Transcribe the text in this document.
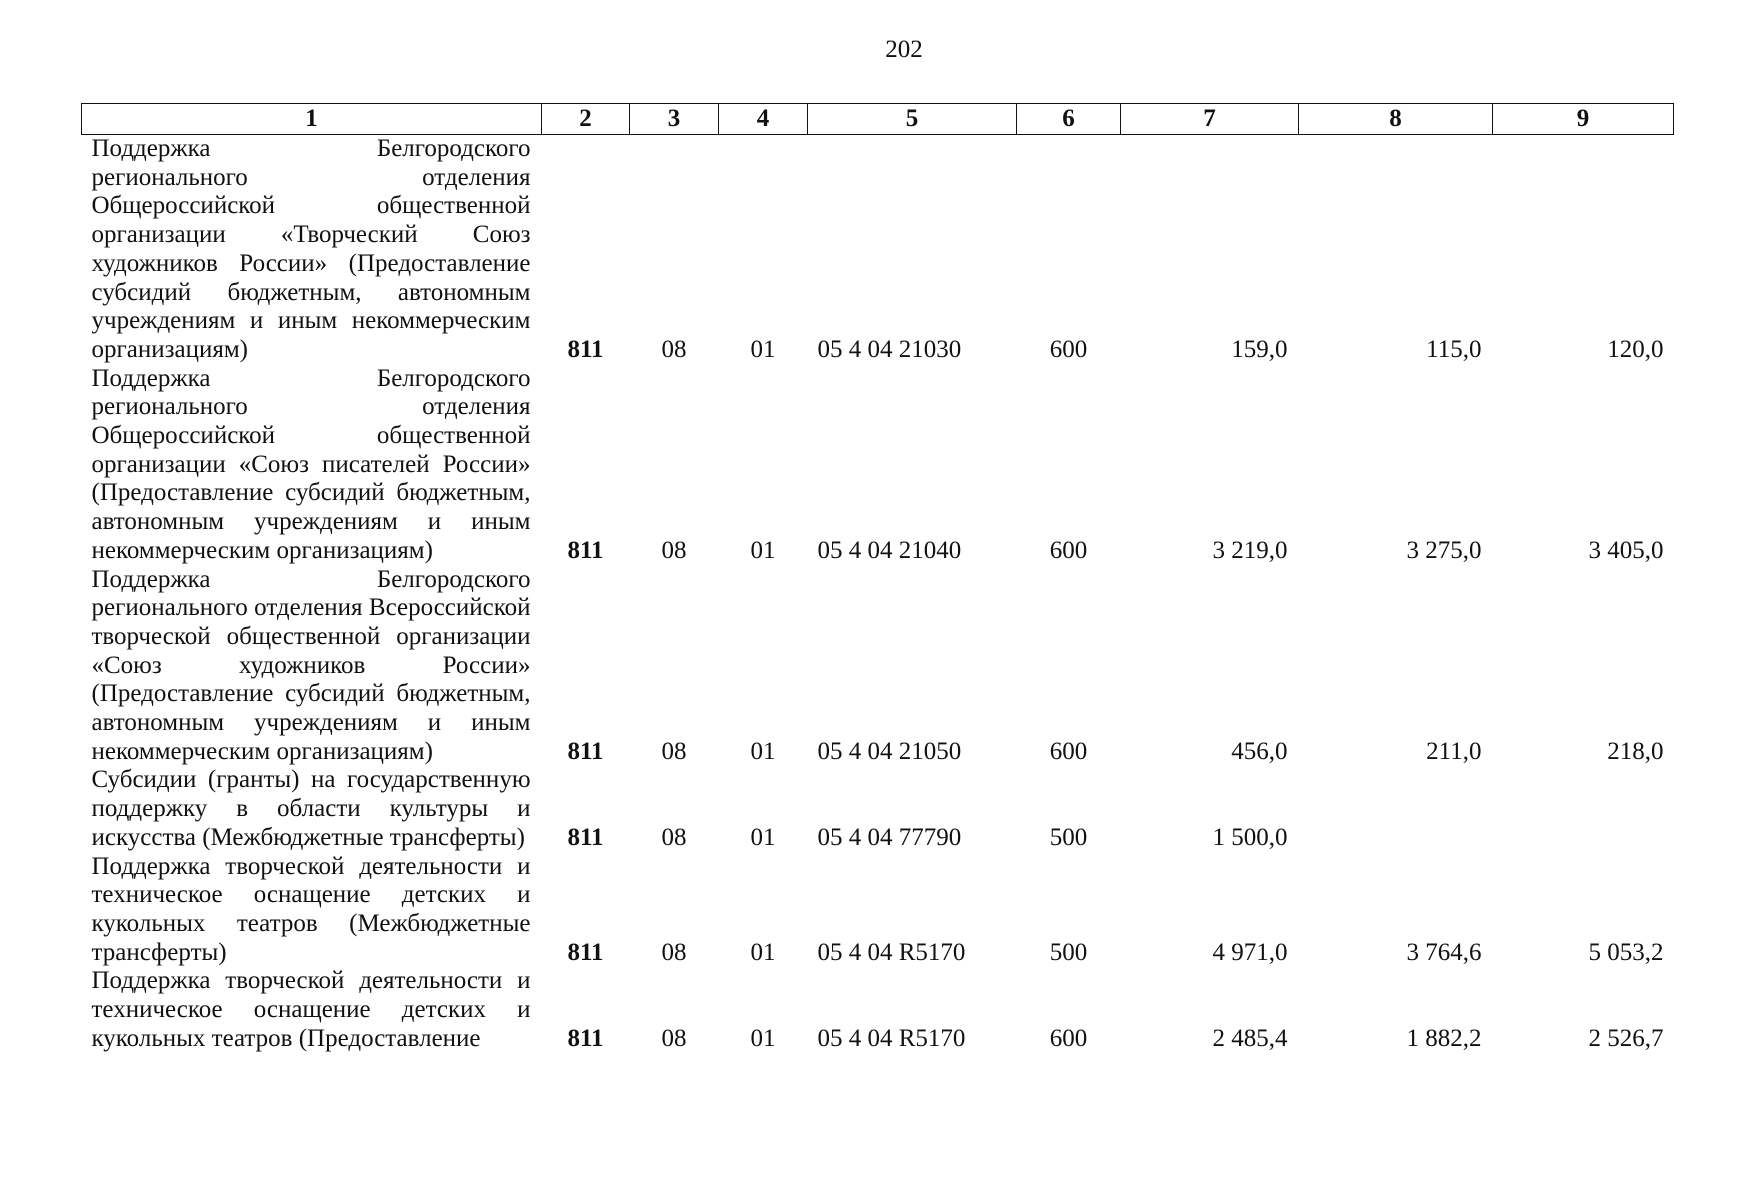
202
1	2	3	4	5	6	7	8	9
Поддержка Белгородского регионального отделения Общероссийской общественной организации «Творческий Союз художников России» (Предоставление субсидий бюджетным, автономным учреждениям и иным некоммерческим организациям)	811	08	01	05 4 04 21030	600	159,0	115,0	120,0
Поддержка Белгородского регионального отделения Общероссийской общественной организации «Союз писателей России» (Предоставление субсидий бюджетным, автономным учреждениям и иным некоммерческим организациям)	811	08	01	05 4 04 21040	600	3 219,0	3 275,0	3 405,0
Поддержка Белгородского регионального отделения Всероссийской творческой общественной организации «Союз художников России» (Предоставление субсидий бюджетным, автономным учреждениям и иным некоммерческим организациям)	811	08	01	05 4 04 21050	600	456,0	211,0	218,0
Субсидии (гранты) на государственную поддержку в области культуры и искусства (Межбюджетные трансферты)	811	08	01	05 4 04 77790	500	1 500,0		
Поддержка творческой деятельности и техническое оснащение детских и кукольных театров (Межбюджетные трансферты)	811	08	01	05 4 04 R5170	500	4 971,0	3 764,6	5 053,2
Поддержка творческой деятельности и техническое оснащение детских и кукольных театров (Предоставление	811	08	01	05 4 04 R5170	600	2 485,4	1 882,2	2 526,7
